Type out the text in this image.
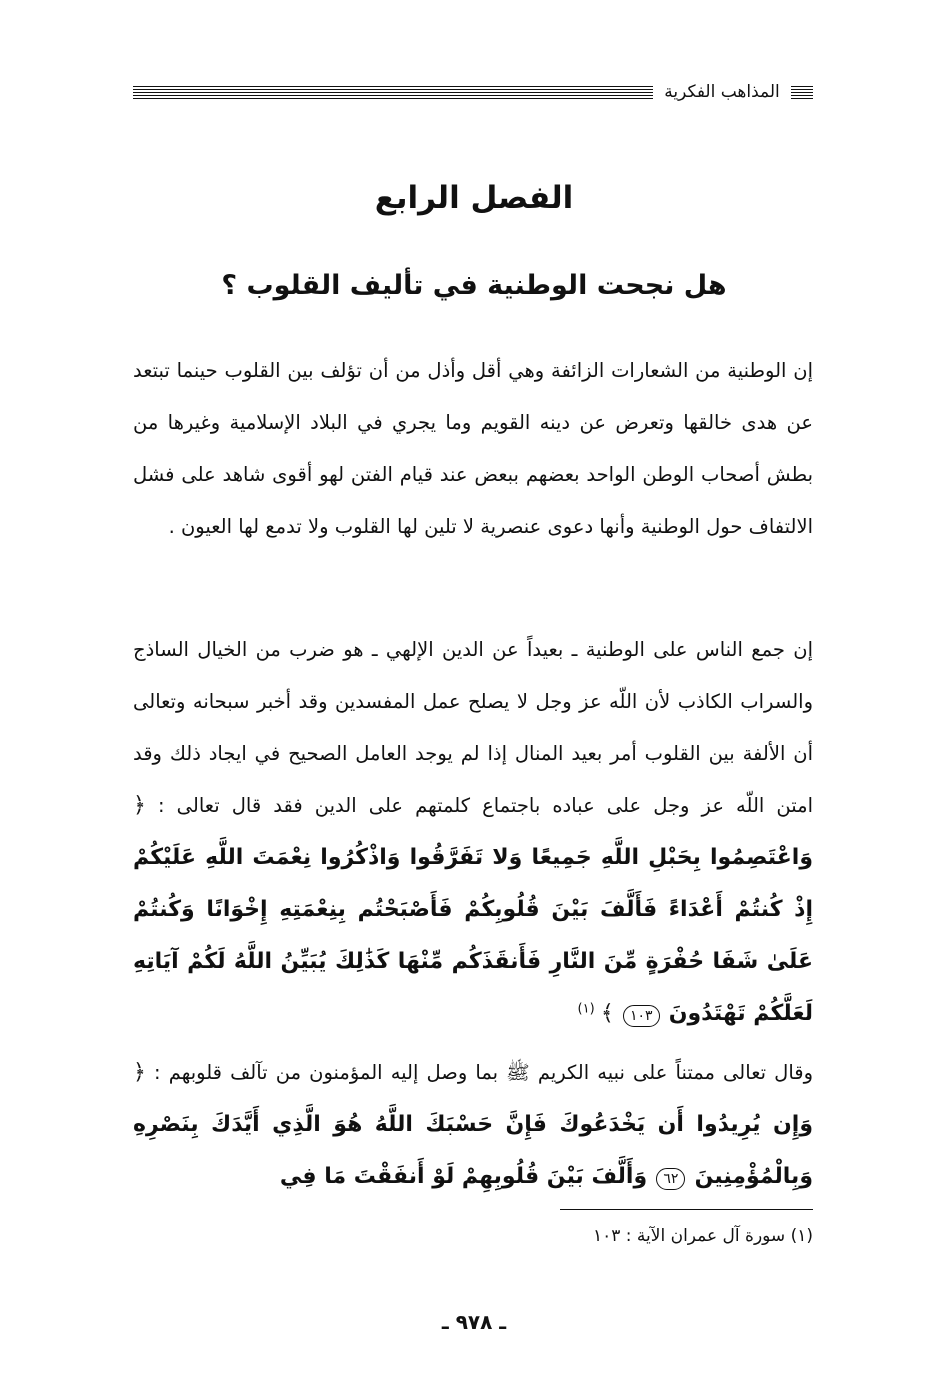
المذاهب الفكرية
الفصل الرابع
هل نجحت الوطنية في تأليف القلوب ؟

إن الوطنية من الشعارات الزائفة وهي أقل وأذل من أن تؤلف بين القلوب حينما تبتعد عن هدى خالقها وتعرض عن دينه القويم وما يجري في البلاد الإسلامية وغيرها من بطش أصحاب الوطن الواحد بعضهم ببعض عند قيام الفتن لهو أقوى شاهد على فشل الالتفاف حول الوطنية وأنها دعوى عنصرية لا تلين لها القلوب ولا تدمع لها العيون .

إن جمع الناس على الوطنية ـ بعيداً عن الدين الإلهي ـ هو ضرب من الخيال الساذج والسراب الكاذب لأن اللّه عز وجل لا يصلح عمل المفسدين وقد أخبر سبحانه وتعالى أن الألفة بين القلوب أمر بعيد المنال إذا لم يوجد العامل الصحيح في ايجاد ذلك وقد امتن اللّه عز وجل على عباده باجتماع كلمتهم على الدين فقد قال تعالى : ﴿ وَاعْتَصِمُوا بِحَبْلِ اللَّهِ جَمِيعًا وَلا تَفَرَّقُوا وَاذْكُرُوا نِعْمَتَ اللَّهِ عَلَيْكُمْ إِذْ كُنتُمْ أَعْدَاءً فَأَلَّفَ بَيْنَ قُلُوبِكُمْ فَأَصْبَحْتُم بِنِعْمَتِهِ إِخْوَانًا وَكُنتُمْ عَلَىٰ شَفَا حُفْرَةٍ مِّنَ النَّارِ فَأَنقَذَكُم مِّنْهَا كَذَٰلِكَ يُبَيِّنُ اللَّهُ لَكُمْ آيَاتِهِ لَعَلَّكُمْ تَهْتَدُونَ ١٠٣ ﴾ $^{(١)}$

وقال تعالى ممتناً على نبيه الكريم ﷺ بما وصل إليه المؤمنون من تآلف قلوبهم : ﴿ وَإِن يُرِيدُوا أَن يَخْدَعُوكَ فَإِنَّ حَسْبَكَ اللَّهُ هُوَ الَّذِي أَيَّدَكَ بِنَصْرِهِ وَبِالْمُؤْمِنِينَ ٦٢ وَأَلَّفَ بَيْنَ قُلُوبِهِمْ لَوْ أَنفَقْتَ مَا فِي

(١) سورة آل عمران الآية : ١٠٣
ـ ٩٧٨ ـ
